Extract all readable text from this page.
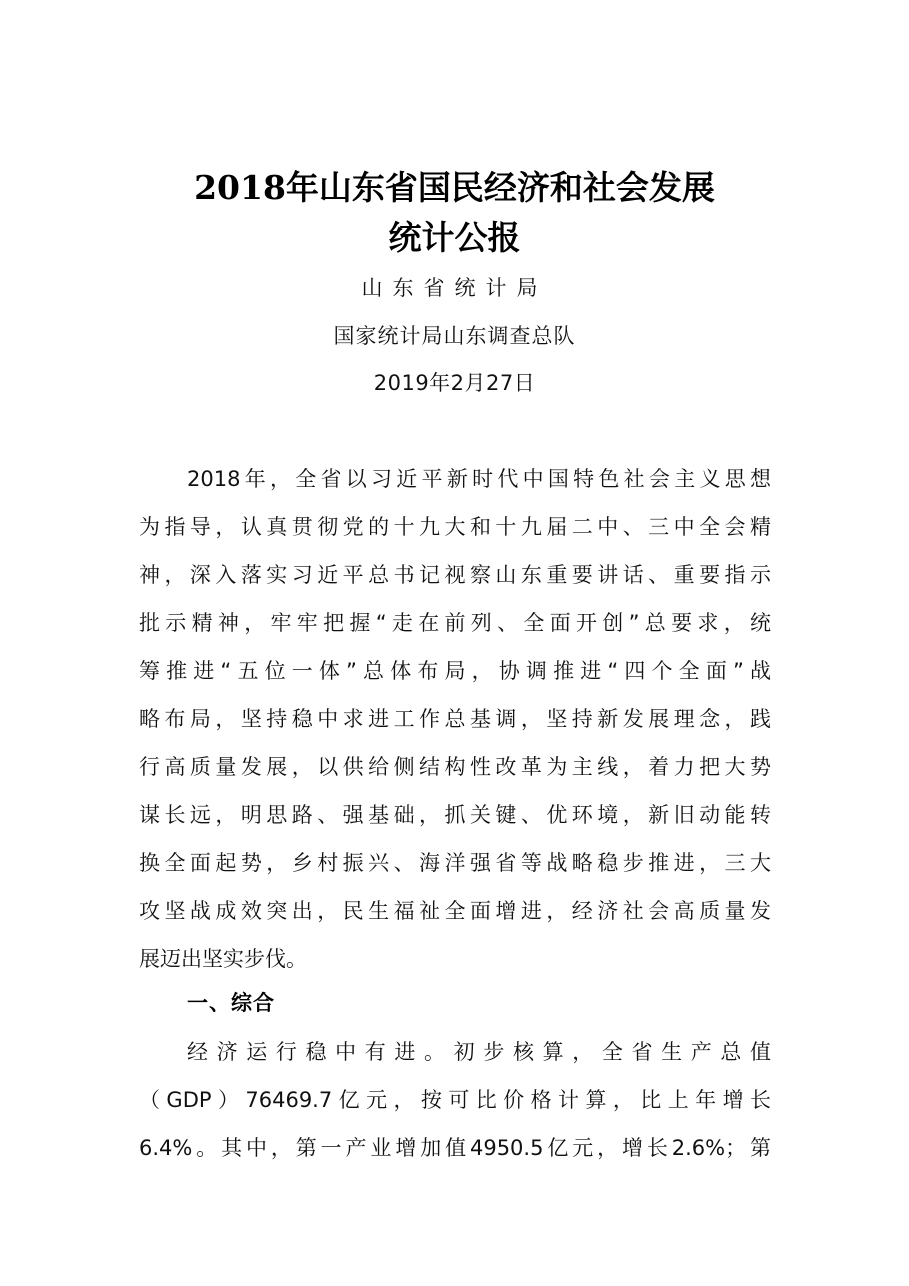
2018年山东省国民经济和社会发展
统计公报
山东省统计局
国家统计局山东调查总队
2019年2月27日
2018年，全省以习近平新时代中国特色社会主义思想
为指导，认真贯彻党的十九大和十九届二中、三中全会精
神，深入落实习近平总书记视察山东重要讲话、重要指示
批示精神，牢牢把握“走在前列、全面开创”总要求，统
筹推进“五位一体”总体布局，协调推进“四个全面”战
略布局，坚持稳中求进工作总基调，坚持新发展理念，践
行高质量发展，以供给侧结构性改革为主线，着力把大势
谋长远，明思路、强基础，抓关键、优环境，新旧动能转
换全面起势，乡村振兴、海洋强省等战略稳步推进，三大
攻坚战成效突出，民生福祉全面增进，经济社会高质量发
展迈出坚实步伐。
一、综合
经济运行稳中有进。初步核算，全省生产总值
（GDP）76469.7亿元，按可比价格计算，比上年增长
6.4%。其中，第一产业增加值4950.5亿元，增长2.6%；第
